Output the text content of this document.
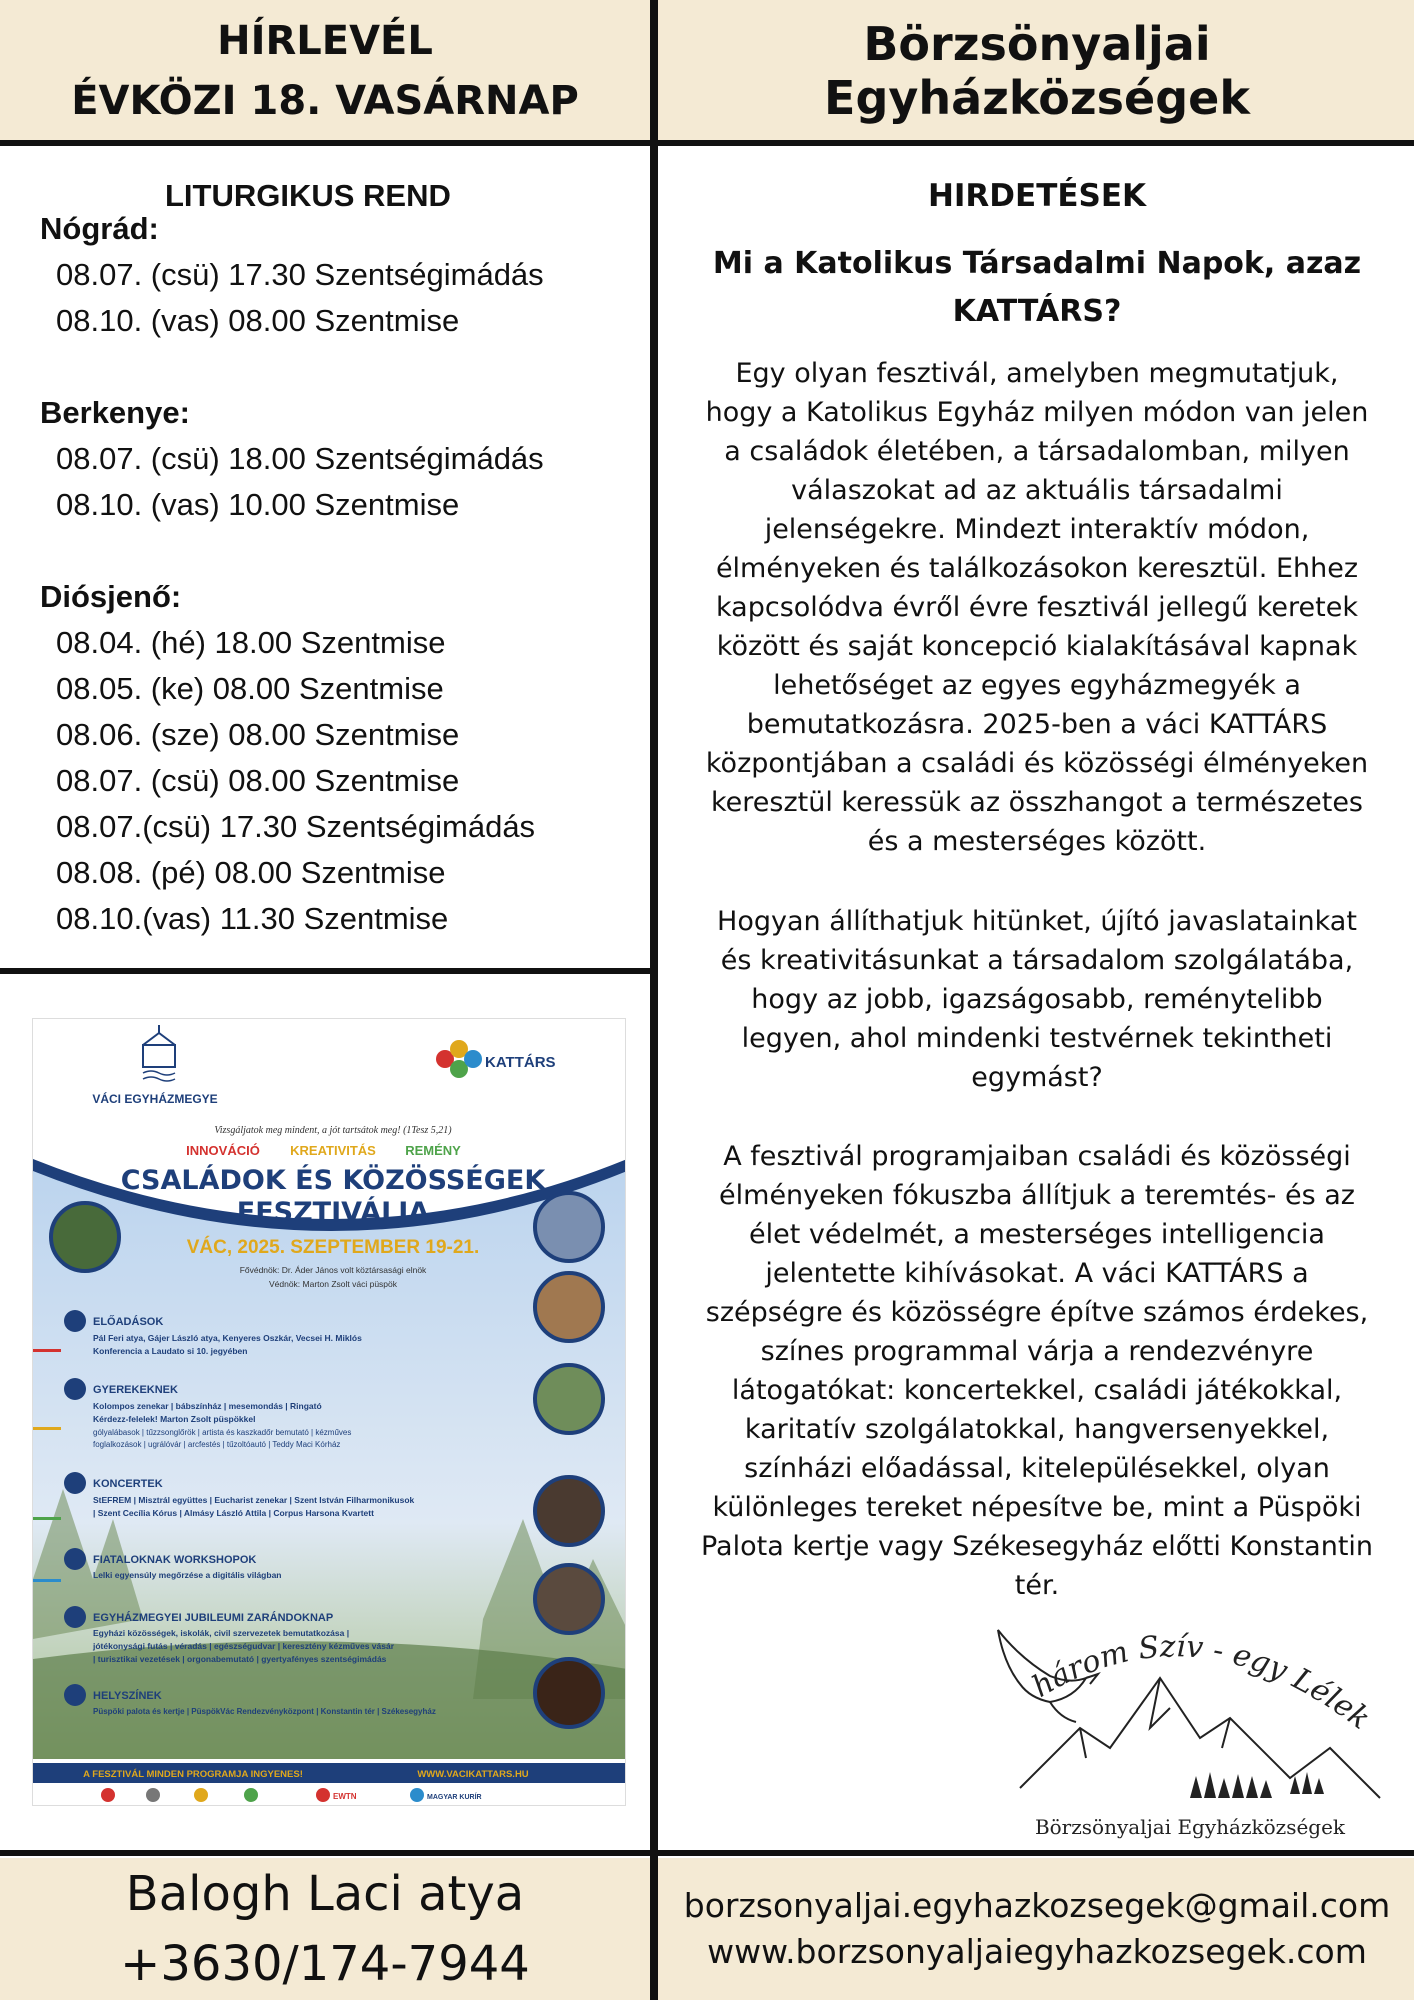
HÍRLEVÉL
ÉVKÖZI 18. VASÁRNAP
Börzsönyaljai Egyházközségek
LITURGIKUS REND
Nógrád:
08.07. (csü) 17.30 Szentségimádás
08.10. (vas) 08.00 Szentmise
Berkenye:
08.07. (csü) 18.00 Szentségimádás
08.10. (vas) 10.00 Szentmise
Diósjenő:
08.04. (hé) 18.00 Szentmise
08.05. (ke) 08.00 Szentmise
08.06. (sze) 08.00 Szentmise
08.07. (csü) 08.00 Szentmise
08.07.(csü) 17.30 Szentségimádás
08.08. (pé) 08.00 Szentmise
08.10.(vas) 11.30 Szentmise
VÁCI EGYHÁZMEGYE
KATTÁRS
Vizsgáljatok meg mindent, a jót tartsátok meg! (1Tesz 5,21)
INNOVÁCIÓ KREATIVITÁS REMÉNY
CSALÁDOK ÉS KÖZÖSSÉGEK
FESZTIVÁLJA
VÁC, 2025. SZEPTEMBER 19-21.
Fővédnök: Dr. Áder János volt köztársasági elnök
Védnök: Marton Zsolt váci püspök
ELŐADÁSOK
Pál Feri atya, Gájer László atya, Kenyeres Oszkár, Vecsei H. Miklós
Konferencia a Laudato si 10. jegyében
GYEREKEKNEK
Kolompos zenekar | bábszínház | mesemondás | Ringató
Kérdezz-felelek! Marton Zsolt püspökkel
gólyalábasok | tűzzsonglőrök | artista és kaszkadőr bemutató | kézműves
foglalkozások | ugrálóvár | arcfestés | tűzoltóautó | Teddy Maci Kórház
KONCERTEK
StEFREM | Misztrál együttes | Eucharist zenekar | Szent István Filharmonikusok
| Szent Cecília Kórus | Almásy László Attila | Corpus Harsona Kvartett
FIATALOKNAK WORKSHOPOK
Lelki egyensúly megőrzése a digitális világban
EGYHÁZMEGYEI JUBILEUMI ZARÁNDOKNAP
Egyházi közösségek, iskolák, civil szervezetek bemutatkozása |
jótékonysági futás | véradás | egészségudvar | keresztény kézműves vásár
| turisztikai vezetések | orgonabemutató | gyertyafényes szentségimádás
HELYSZÍNEK
Püspöki palota és kertje | PüspökVác Rendezvényközpont | Konstantin tér | Székesegyház
A FESZTIVÁL MINDEN PROGRAMJA INGYENES!	WWW.VACIKATTARS.HU
EWTN	MAGYAR KURÍR
HIRDETÉSEK
Mi a Katolikus Társadalmi Napok, azaz KATTÁRS?
Egy olyan fesztivál, amelyben megmutatjuk, hogy a Katolikus Egyház milyen módon van jelen a családok életében, a társadalomban, milyen válaszokat ad az aktuális társadalmi jelenségekre. Mindezt interaktív módon, élményeken és találkozásokon keresztül. Ehhez kapcsolódva évről évre fesztivál jellegű keretek között és saját koncepció kialakításával kapnak lehetőséget az egyes egyházmegyék a bemutatkozásra. 2025-ben a váci KATTÁRS központjában a családi és közösségi élményeken keresztül keressük az összhangot a természetes és a mesterséges között.
Hogyan állíthatjuk hitünket, újító javaslatainkat és kreativitásunkat a társadalom szolgálatába, hogy az jobb, igazságosabb, reménytelibb legyen, ahol mindenki testvérnek tekintheti egymást?
A fesztivál programjaiban családi és közösségi élményeken fókuszba állítjuk a teremtés- és az élet védelmét, a mesterséges intelligencia jelentette kihívásokat. A váci KATTÁRS a szépségre és közösségre építve számos érdekes, színes programmal várja a rendezvényre látogatókat: koncertekkel, családi játékokkal, karitatív szolgálatokkal, hangversenyekkel, színházi előadással, kitelepülésekkel, olyan különleges tereket népesítve be, mint a Püspöki Palota kertje vagy Székesegyház előtti Konstantin tér.
három Szív - egy Lélek
Börzsönyaljai Egyházközségek
Balogh Laci atya
+3630/174-7944
borzsonyaljai.egyhazkozsegek@gmail.com
www.borzsonyaljaiegyhazkozsegek.com
